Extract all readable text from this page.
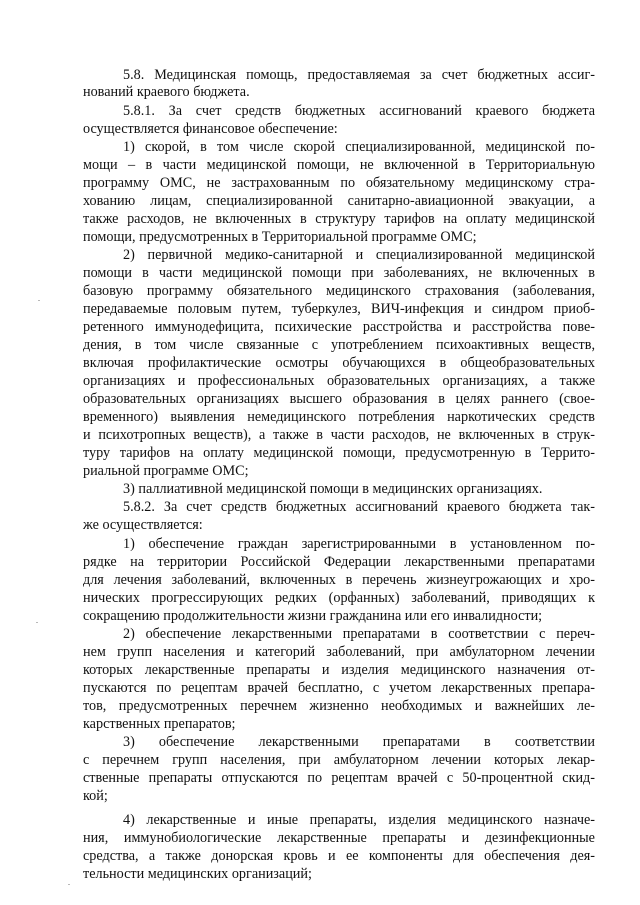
5.8. Медицинская помощь, предоставляемая за счет бюджетных ассиг-
нований краевого бюджета.
5.8.1. За счет средств бюджетных ассигнований краевого бюджета
осуществляется финансовое обеспечение:
1) скорой, в том числе скорой специализированной, медицинской по-
мощи – в части медицинской помощи, не включенной в Территориальную
программу ОМС, не застрахованным по обязательному медицинскому стра-
хованию лицам, специализированной санитарно-авиационной эвакуации, а
также расходов, не включенных в структуру тарифов на оплату медицинской
помощи, предусмотренных в Территориальной программе ОМС;
2) первичной медико-санитарной и специализированной медицинской
помощи в части медицинской помощи при заболеваниях, не включенных в
базовую программу обязательного медицинского страхования (заболевания,
передаваемые половым путем, туберкулез, ВИЧ-инфекция и синдром приоб-
ретенного иммунодефицита, психические расстройства и расстройства пове-
дения, в том числе связанные с употреблением психоактивных веществ,
включая профилактические осмотры обучающихся в общеобразовательных
организациях и профессиональных образовательных организациях, а также
образовательных организациях высшего образования в целях раннего (свое-
временного) выявления немедицинского потребления наркотических средств
и психотропных веществ), а также в части расходов, не включенных в струк-
туру тарифов на оплату медицинской помощи, предусмотренную в Террито-
риальной программе ОМС;
3) паллиативной медицинской помощи в медицинских организациях.
5.8.2. За счет средств бюджетных ассигнований краевого бюджета так-
же осуществляется:
1) обеспечение граждан зарегистрированными в установленном по-
рядке на территории Российской Федерации лекарственными препаратами
для лечения заболеваний, включенных в перечень жизнеугрожающих и хро-
нических прогрессирующих редких (орфанных) заболеваний, приводящих к
сокращению продолжительности жизни гражданина или его инвалидности;
2) обеспечение лекарственными препаратами в соответствии с переч-
нем групп населения и категорий заболеваний, при амбулаторном лечении
которых лекарственные препараты и изделия медицинского назначения от-
пускаются по рецептам врачей бесплатно, с учетом лекарственных препара-
тов, предусмотренных перечнем жизненно необходимых и важнейших ле-
карственных препаратов;
3) обеспечение лекарственными препаратами в соответствии
с перечнем групп населения, при амбулаторном лечении которых лекар-
ственные препараты отпускаются по рецептам врачей с 50-процентной скид-
кой;
4) лекарственные и иные препараты, изделия медицинского назначе-
ния, иммунобиологические лекарственные препараты и дезинфекционные
средства, а также донорская кровь и ее компоненты для обеспечения дея-
тельности медицинских организаций;
